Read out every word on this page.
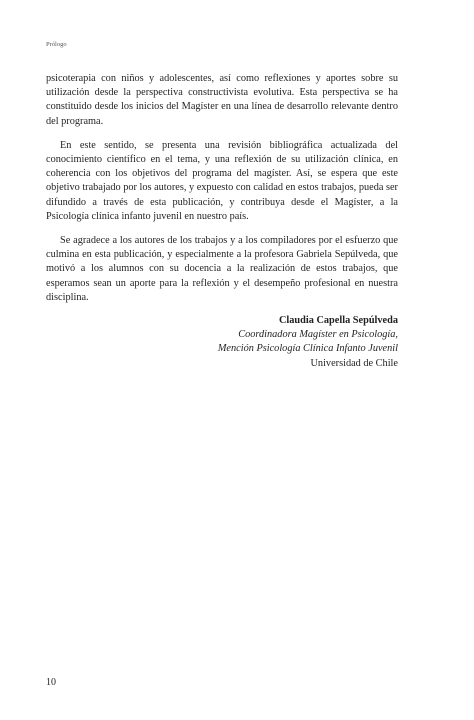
Prólogo

psicoterapia con niños y adolescentes, así como reflexiones y aportes sobre su utilización desde la perspectiva constructivista evolutiva. Esta perspectiva se ha constituido desde los inicios del Magíster en una línea de desarrollo relevante dentro del programa.

En este sentido, se presenta una revisión bibliográfica actualizada del conocimiento científico en el tema, y una reflexión de su utilización clínica, en coherencia con los objetivos del programa del magíster. Así, se espera que este objetivo trabajado por los autores, y expuesto con calidad en estos trabajos, pueda ser difundido a través de esta publicación, y contribuya desde el Magíster, a la Psicología clínica infanto juvenil en nuestro país.

Se agradece a los autores de los trabajos y a los compiladores por el esfuerzo que culmina en esta publicación, y especialmente a la profesora Gabriela Sepúlveda, que motivó a los alumnos con su docencia a la realización de estos trabajos, que esperamos sean un aporte para la reflexión y el desempeño profesional en nuestra disciplina.

Claudia Capella Sepúlveda
Coordinadora Magíster en Psicología,
Mención Psicología Clínica Infanto Juvenil
Universidad de Chile
10
